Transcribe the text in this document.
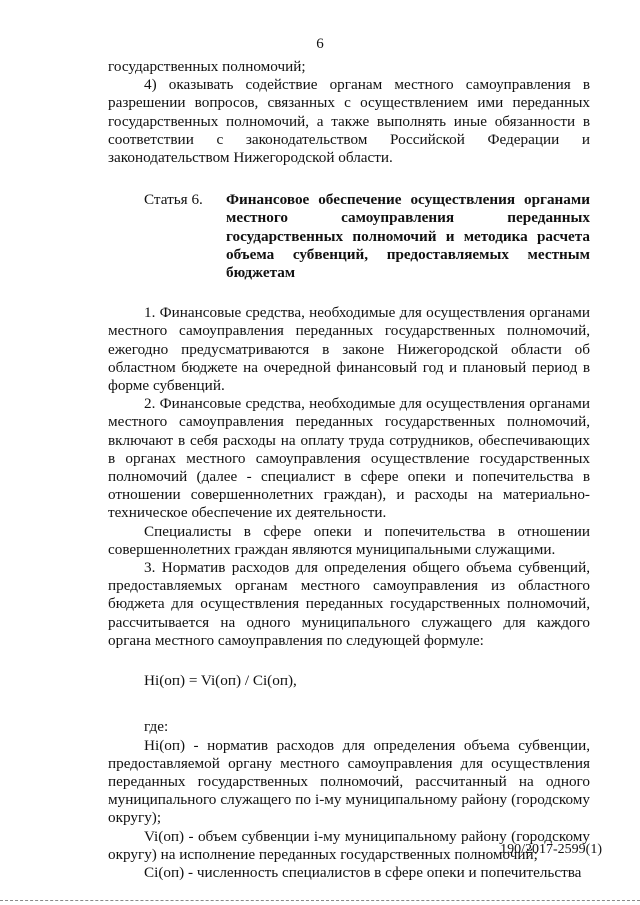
6

государственных полномочий;

4) оказывать содействие органам местного самоуправления в разрешении вопросов, связанных с осуществлением ими переданных государственных полномочий, а также выполнять иные обязанности в соответствии с законодательством Российской Федерации и законодательством Нижегородской области.

Статья 6.	Финансовое обеспечение осуществления органами местного самоуправления переданных государственных полномочий и методика расчета объема субвенций, предоставляемых местным бюджетам

1. Финансовые средства, необходимые для осуществления органами местного самоуправления переданных государственных полномочий, ежегодно предусматриваются в законе Нижегородской области об областном бюджете на очередной финансовый год и плановый период в форме субвенций.

2. Финансовые средства, необходимые для осуществления органами местного самоуправления переданных государственных полномочий, включают в себя расходы на оплату труда сотрудников, обеспечивающих в органах местного самоуправления осуществление государственных полномочий (далее - специалист в сфере опеки и попечительства в отношении совершеннолетних граждан), и расходы на материально-техническое обеспечение их деятельности.

Специалисты в сфере опеки и попечительства в отношении совершеннолетних граждан являются муниципальными служащими.

3. Норматив расходов для определения общего объема субвенций, предоставляемых органам местного самоуправления из областного бюджета для осуществления переданных государственных полномочий, рассчитывается на одного муниципального служащего для каждого органа местного самоуправления по следующей формуле:

Hi(оп) = Vi(оп) / Ci(оп),

где:

Hi(оп) - норматив расходов для определения объема субвенции, предоставляемой органу местного самоуправления для осуществления переданных государственных полномочий, рассчитанный на одного муниципального служащего по i-му муниципальному району (городскому округу);

Vi(оп) - объем субвенции i-му муниципальному району (городскому округу) на исполнение переданных государственных полномочий;

Ci(оп) - численность специалистов в сфере опеки и попечительства

190/2017-2599(1)
